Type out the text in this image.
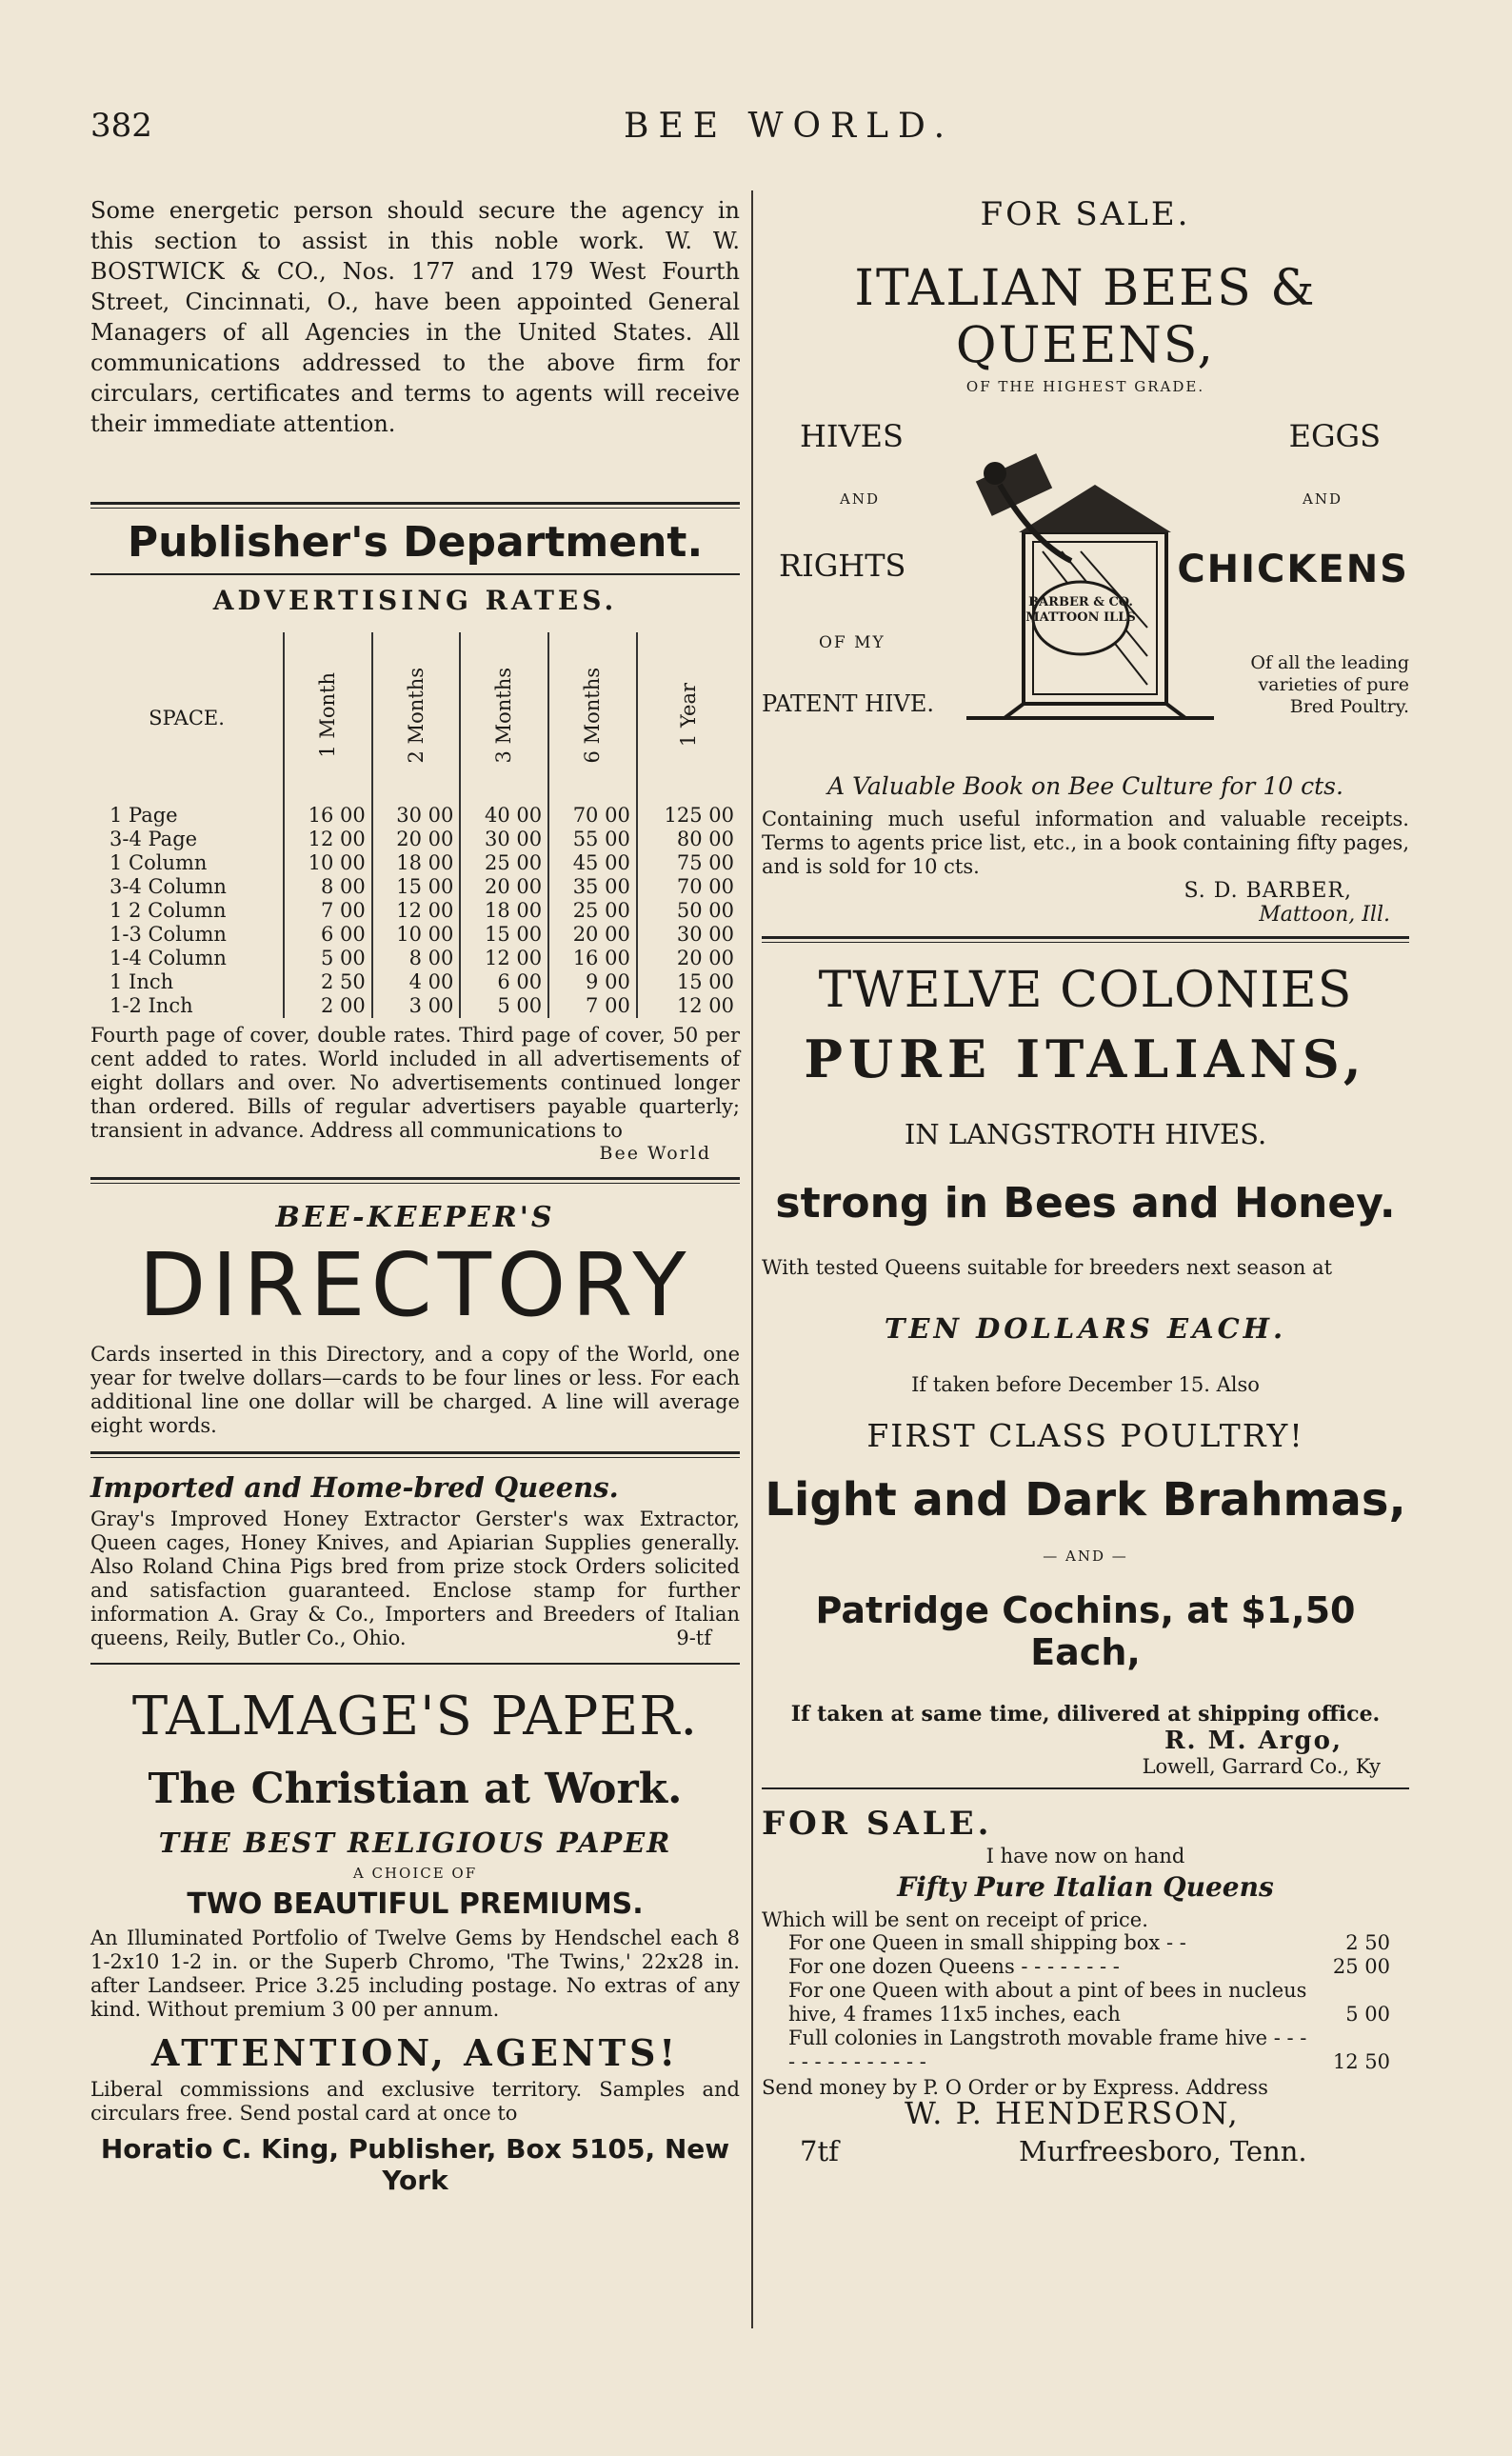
382	BEE WORLD.

Some energetic person should secure the agency in this section to assist in this noble work. W. W. BOSTWICK & CO., Nos. 177 and 179 West Fourth Street, Cincinnati, O., have been appointed General Managers of all Agencies in the United States. All communications addressed to the above firm for circulars, certificates and terms to agents will receive their immediate attention.

Publisher's Department.
ADVERTISING RATES.
SPACE.	1 Month	2 Months	3 Months	6 Months	1 Year
1 Page	16 00	30 00	40 00	70 00	125 00
3-4 Page	12 00	20 00	30 00	55 00	80 00
1 Column	10 00	18 00	25 00	45 00	75 00
3-4 Column	8 00	15 00	20 00	35 00	70 00
1 2 Column	7 00	12 00	18 00	25 00	50 00
1-3 Column	6 00	10 00	15 00	20 00	30 00
1-4 Column	5 00	8 00	12 00	16 00	20 00
1 Inch	2 50	4 00	6 00	9 00	15 00
1-2 Inch	2 00	3 00	5 00	7 00	12 00

Fourth page of cover, double rates. Third page of cover, 50 per cent added to rates. World included in all advertisements of eight dollars and over. No advertisements continued longer than ordered. Bills of regular advertisers payable quarterly; transient in advance. Address all communications to

Bee World
BEE-KEEPER'S
DIRECTORY

Cards inserted in this Directory, and a copy of the World, one year for twelve dollars—cards to be four lines or less. For each additional line one dollar will be charged. A line will average eight words.

Imported and Home-bred Queens.

Gray's Improved Honey Extractor Gerster's wax Extractor, Queen cages, Honey Knives, and Apiarian Supplies generally. Also Roland China Pigs bred from prize stock Orders solicited and satisfaction guaranteed. Enclose stamp for further information A. Gray & Co., Importers and Breeders of Italian queens, Reily, Butler Co., Ohio.	9-tf
TALMAGE'S PAPER.
The Christian at Work.
THE BEST RELIGIOUS PAPER
A CHOICE OF
TWO BEAUTIFUL PREMIUMS.

An Illuminated Portfolio of Twelve Gems by Hendschel each 8 1-2x10 1-2 in. or the Superb Chromo, 'The Twins,' 22x28 in. after Landseer. Price 3.25 including postage. No extras of any kind. Without premium 3 00 per annum.

ATTENTION, AGENTS!

Liberal commissions and exclusive territory. Samples and circulars free. Send postal card at once to

Horatio C. King, Publisher, Box 5105, New York
FOR SALE.
ITALIAN BEES & QUEENS,
OF THE HIGHEST GRADE.
HIVES
AND
RIGHTS
OF MY
PATENT HIVE.
BARBER & CO. MATTOON ILLS
EGGS
AND
CHICKENS
Of all the leading varieties of pure Bred Poultry.
A Valuable Book on Bee Culture for 10 cts.

Containing much useful information and valuable receipts. Terms to agents price list, etc., in a book containing fifty pages, and is sold for 10 cts.

S. D. BARBER,
Mattoon, Ill.
TWELVE COLONIES
PURE ITALIANS,
IN LANGSTROTH HIVES.
strong in Bees and Honey.

With tested Queens suitable for breeders next season at

TEN DOLLARS EACH.
If taken before December 15. Also
FIRST CLASS POULTRY!
Light and Dark Brahmas,
— AND —
Patridge Cochins, at $1,50 Each,
If taken at same time, dilivered at shipping office.
R. M. Argo,
Lowell, Garrard Co., Ky
FOR SALE.
I have now on hand
Fifty Pure Italian Queens
Which will be sent on receipt of price.
For one Queen in small shipping box - -	2 50
For one dozen Queens - - - - - - - -	25 00
For one Queen with about a pint of bees in nucleus hive, 4 frames 11x5 inches, each	5 00
Full colonies in Langstroth movable frame hive - - - - - - - - - - - - - -	12 50
Send money by P. O Order or by Express. Address
W. P. HENDERSON,
7tf	Murfreesboro, Tenn.
